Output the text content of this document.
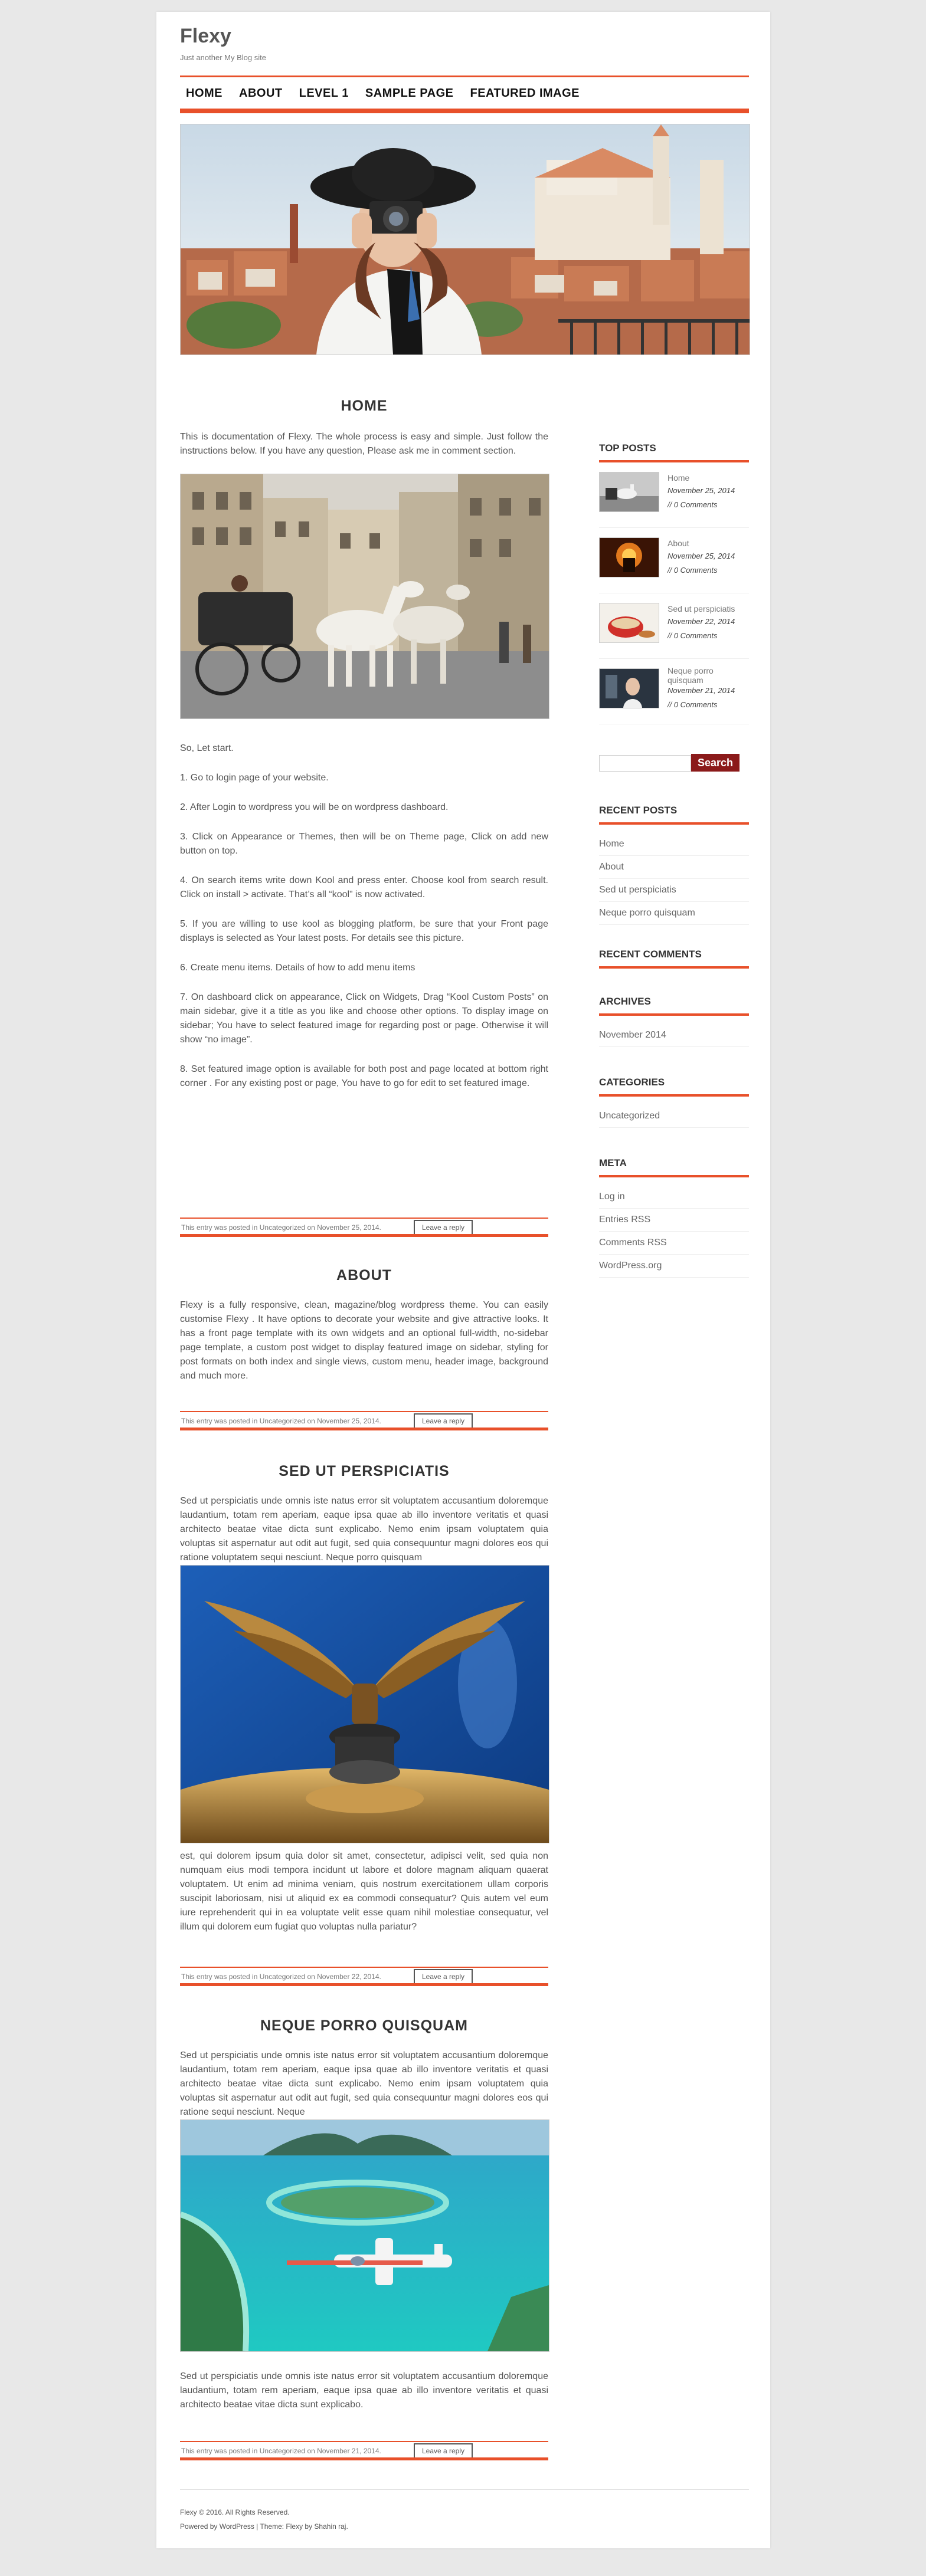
Flexy
Just another My Blog site
HOME ABOUT LEVEL 1 SAMPLE PAGE FEATURED IMAGE
HOME

This is documentation of Flexy. The whole process is easy and simple. Just follow the instructions below. If you have any question, Please ask me in comment section.

So, Let start.

1. Go to login page of your website.

2. After Login to wordpress you will be on wordpress dashboard.

3. Click on Appearance or Themes, then will be on Theme page, Click on add new button on top.

4. On search items write down Kool and press enter. Choose kool from search result. Click on install > activate. That’s all “kool” is now activated.

5. If you are willing to use kool as blogging platform, be sure that your Front page displays is selected as Your latest posts. For details see this picture.

6. Create menu items. Details of how to add menu items

7. On dashboard click on appearance, Click on Widgets, Drag “Kool Custom Posts” on main sidebar, give it a title as you like and choose other options. To display image on sidebar; You have to select featured image for regarding post or page. Otherwise it will show “no image”.

8. Set featured image option is available for both post and page located at bottom right corner . For any existing post or page, You have to go for edit to set featured image.

This entry was posted in Uncategorized on November 25, 2014.	Leave a reply
ABOUT

Flexy is a fully responsive, clean, magazine/blog wordpress theme. You can easily customise Flexy . It have options to decorate your website and give attractive looks. It has a front page template with its own widgets and an optional full-width, no-sidebar page template, a custom post widget to display featured image on sidebar, styling for post formats on both index and single views, custom menu, header image, background and much more.

This entry was posted in Uncategorized on November 25, 2014.	Leave a reply
SED UT PERSPICIATIS

Sed ut perspiciatis unde omnis iste natus error sit voluptatem accusantium doloremque laudantium, totam rem aperiam, eaque ipsa quae ab illo inventore veritatis et quasi architecto beatae vitae dicta sunt explicabo. Nemo enim ipsam voluptatem quia voluptas sit aspernatur aut odit aut fugit, sed quia consequuntur magni dolores eos qui ratione voluptatem sequi nesciunt. Neque porro quisquam

est, qui dolorem ipsum quia dolor sit amet, consectetur, adipisci velit, sed quia non numquam eius modi tempora incidunt ut labore et dolore magnam aliquam quaerat voluptatem. Ut enim ad minima veniam, quis nostrum exercitationem ullam corporis suscipit laboriosam, nisi ut aliquid ex ea commodi consequatur? Quis autem vel eum iure reprehenderit qui in ea voluptate velit esse quam nihil molestiae consequatur, vel illum qui dolorem eum fugiat quo voluptas nulla pariatur?

This entry was posted in Uncategorized on November 22, 2014.	Leave a reply
NEQUE PORRO QUISQUAM

Sed ut perspiciatis unde omnis iste natus error sit voluptatem accusantium doloremque laudantium, totam rem aperiam, eaque ipsa quae ab illo inventore veritatis et quasi architecto beatae vitae dicta sunt explicabo. Nemo enim ipsam voluptatem quia voluptas sit aspernatur aut odit aut fugit, sed quia consequuntur magni dolores eos qui ratione sequi nesciunt. Neque

Sed ut perspiciatis unde omnis iste natus error sit voluptatem accusantium doloremque laudantium, totam rem aperiam, eaque ipsa quae ab illo inventore veritatis et quasi architecto beatae vitae dicta sunt explicabo.

This entry was posted in Uncategorized on November 21, 2014.	Leave a reply
TOP POSTS
Home
November 25, 2014
// 0 Comments
About
November 25, 2014
// 0 Comments
Sed ut perspiciatis
November 22, 2014
// 0 Comments
Neque porro quisquam
November 21, 2014
// 0 Comments
Search
RECENT POSTS
Home
About
Sed ut perspiciatis
Neque porro quisquam
RECENT COMMENTS
ARCHIVES
November 2014
CATEGORIES
Uncategorized
META
Log in
Entries RSS
Comments RSS
WordPress.org
Flexy © 2016. All Rights Reserved.
Powered by WordPress | Theme: Flexy by Shahin raj.
